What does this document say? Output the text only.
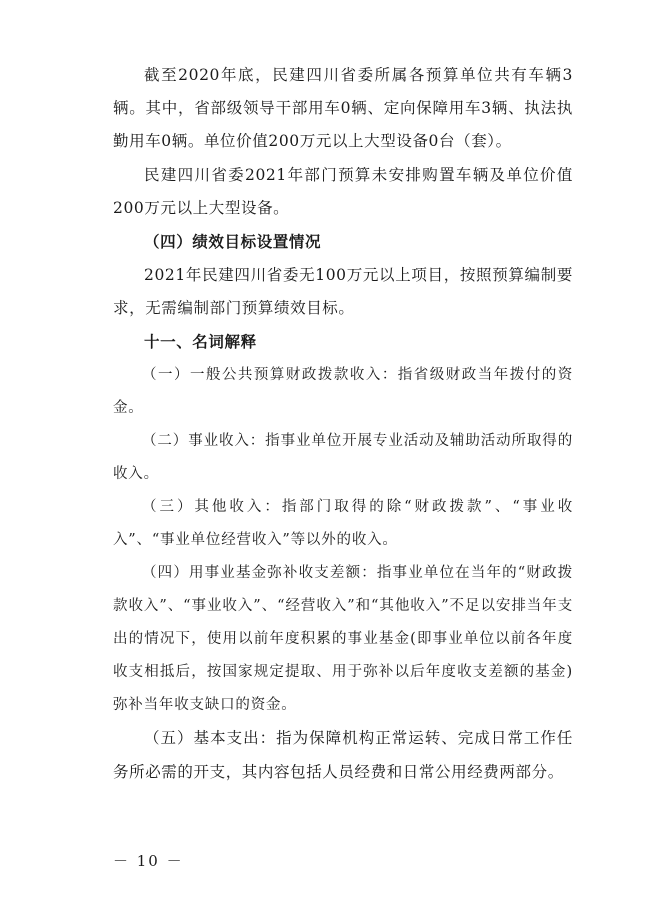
截至2020年底，民建四川省委所属各预算单位共有车辆3辆。其中，省部级领导干部用车0辆、定向保障用车3辆、执法执勤用车0辆。单位价值200万元以上大型设备0台（套）。

民建四川省委2021年部门预算未安排购置车辆及单位价值200万元以上大型设备。

（四）绩效目标设置情况

2021年民建四川省委无100万元以上项目，按照预算编制要求，无需编制部门预算绩效目标。

十一、名词解释

（一）一般公共预算财政拨款收入：指省级财政当年拨付的资金。

（二）事业收入：指事业单位开展专业活动及辅助活动所取得的收入。

（三）其他收入：指部门取得的除“财政拨款”、“事业收入”、“事业单位经营收入”等以外的收入。

（四）用事业基金弥补收支差额：指事业单位在当年的“财政拨款收入”、“事业收入”、“经营收入”和“其他收入”不足以安排当年支出的情况下，使用以前年度积累的事业基金(即事业单位以前各年度收支相抵后，按国家规定提取、用于弥补以后年度收支差额的基金)弥补当年收支缺口的资金。

（五）基本支出：指为保障机构正常运转、完成日常工作任务所必需的开支，其内容包括人员经费和日常公用经费两部分。

－ 10 －
